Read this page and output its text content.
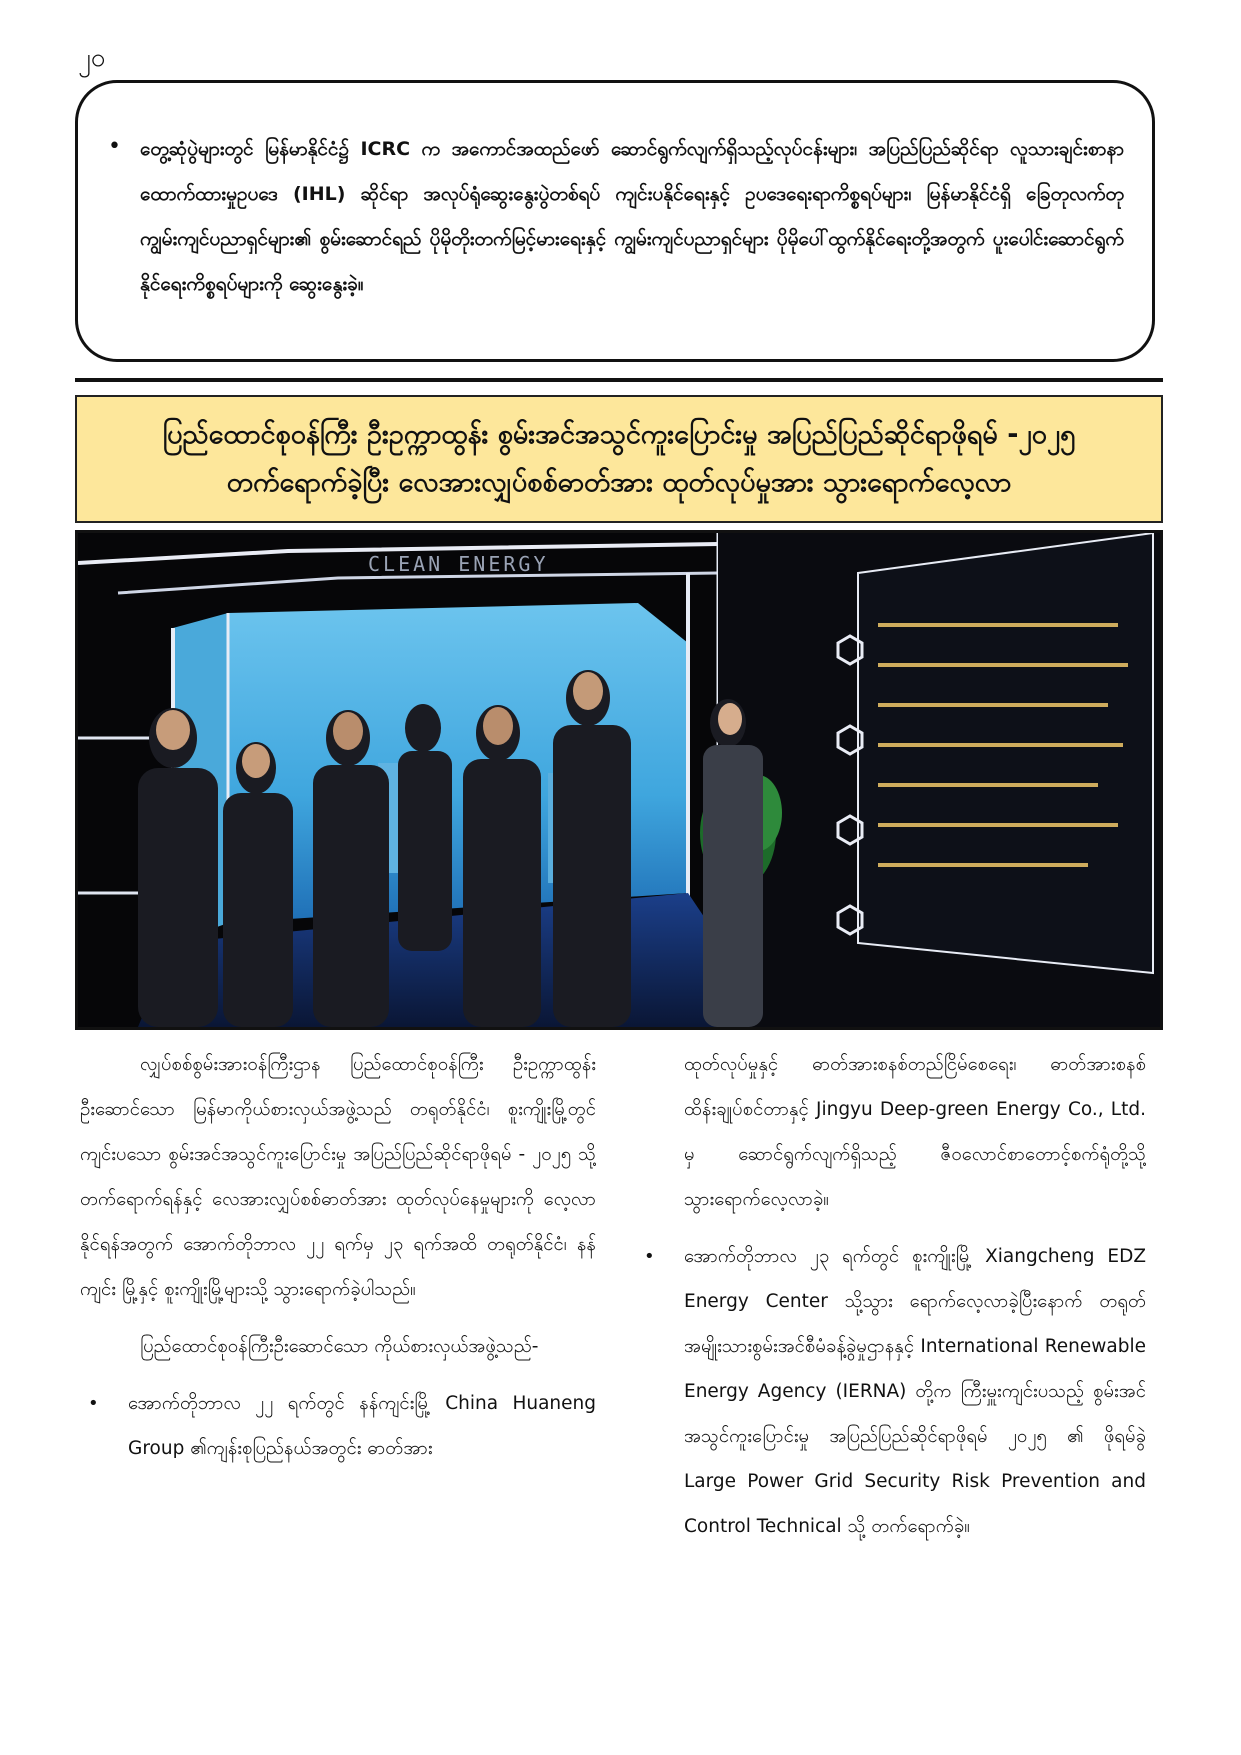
၂၀
•	တွေ့ဆုံပွဲများတွင် မြန်မာနိုင်ငံ၌ ICRC က အကောင်အထည်ဖော် ဆောင်ရွက်လျက်ရှိသည့်လုပ်ငန်းများ၊ အပြည်ပြည်ဆိုင်ရာ လူသားချင်းစာနာထောက်ထားမှုဥပဒေ (IHL) ဆိုင်ရာ အလုပ်ရုံဆွေးနွေးပွဲတစ်ရပ် ကျင်းပနိုင်ရေးနှင့် ဥပဒေရေးရာကိစ္စရပ်များ၊ မြန်မာနိုင်ငံရှိ ခြေတုလက်တု ကျွမ်းကျင်ပညာရှင်များ၏ စွမ်းဆောင်ရည် ပိုမိုတိုးတက်မြင့်မားရေးနှင့် ကျွမ်းကျင်ပညာရှင်များ ပိုမိုပေါ်ထွက်နိုင်ရေးတို့အတွက် ပူးပေါင်းဆောင်ရွက်နိုင်ရေးကိစ္စရပ်များကို ဆွေးနွေးခဲ့။
ပြည်ထောင်စုဝန်ကြီး ဦးဥက္ကာထွန်း စွမ်းအင်အသွင်ကူးပြောင်းမှု အပြည်ပြည်ဆိုင်ရာဖိုရမ် -၂၀၂၅
တက်ရောက်ခဲ့ပြီး လေအားလျှပ်စစ်ဓာတ်အား ထုတ်လုပ်မှုအား သွားရောက်လေ့လာ
CLEAN ENERGY

လျှပ်စစ်စွမ်းအားဝန်ကြီးဌာန ပြည်ထောင်စုဝန်ကြီး ဦးဥက္ကာထွန်းဦးဆောင်သော မြန်မာကိုယ်စားလှယ်အဖွဲ့သည် တရုတ်နိုင်ငံ၊ စူးကျိုးမြို့တွင် ကျင်းပသော စွမ်းအင်အသွင်ကူးပြောင်းမှု အပြည်ပြည်ဆိုင်ရာဖိုရမ် - ၂၀၂၅ သို့ တက်ရောက်ရန်နှင့် လေအားလျှပ်စစ်ဓာတ်အား ထုတ်လုပ်နေမှုများကို လေ့လာနိုင်ရန်အတွက် အောက်တိုဘာလ ၂၂ ရက်မှ ၂၃ ရက်အထိ တရုတ်နိုင်ငံ၊ နန်ကျင်း မြို့နှင့် စူးကျိုးမြို့များသို့ သွားရောက်ခဲ့ပါသည်။

ပြည်ထောင်စုဝန်ကြီးဦးဆောင်သော ကိုယ်စားလှယ်အဖွဲ့သည်-

•	အောက်တိုဘာလ ၂၂ ရက်တွင် နန်ကျင်းမြို့ China Huaneng Group ၏ကျန်းစုပြည်နယ်အတွင်း ဓာတ်အား

ထုတ်လုပ်မှုနှင့် ဓာတ်အားစနစ်တည်ငြိမ်စေရေး၊ ဓာတ်အားစနစ် ထိန်းချုပ်စင်တာနှင့် Jingyu Deep-green Energy Co., Ltd. မှ ဆောင်ရွက်လျက်ရှိသည့် ဇီဝလောင်စာတောင့်စက်ရုံတို့သို့ သွားရောက်လေ့လာခဲ့။

•	အောက်တိုဘာလ ၂၃ ရက်တွင် စူးကျိုးမြို့ Xiangcheng EDZ Energy Center သို့သွား ရောက်လေ့လာခဲ့ပြီးနောက် တရုတ်အမျိုးသားစွမ်းအင်စီမံခန့်ခွဲမှုဌာနနှင့် International Renewable Energy Agency (IERNA) တို့က ကြီးမှူးကျင်းပသည့် စွမ်းအင်အသွင်ကူးပြောင်းမှု အပြည်ပြည်ဆိုင်ရာဖိုရမ် ၂၀၂၅ ၏ ဖိုရမ်ခွဲ Large Power Grid Security Risk Prevention and Control Technical သို့ တက်ရောက်ခဲ့။
